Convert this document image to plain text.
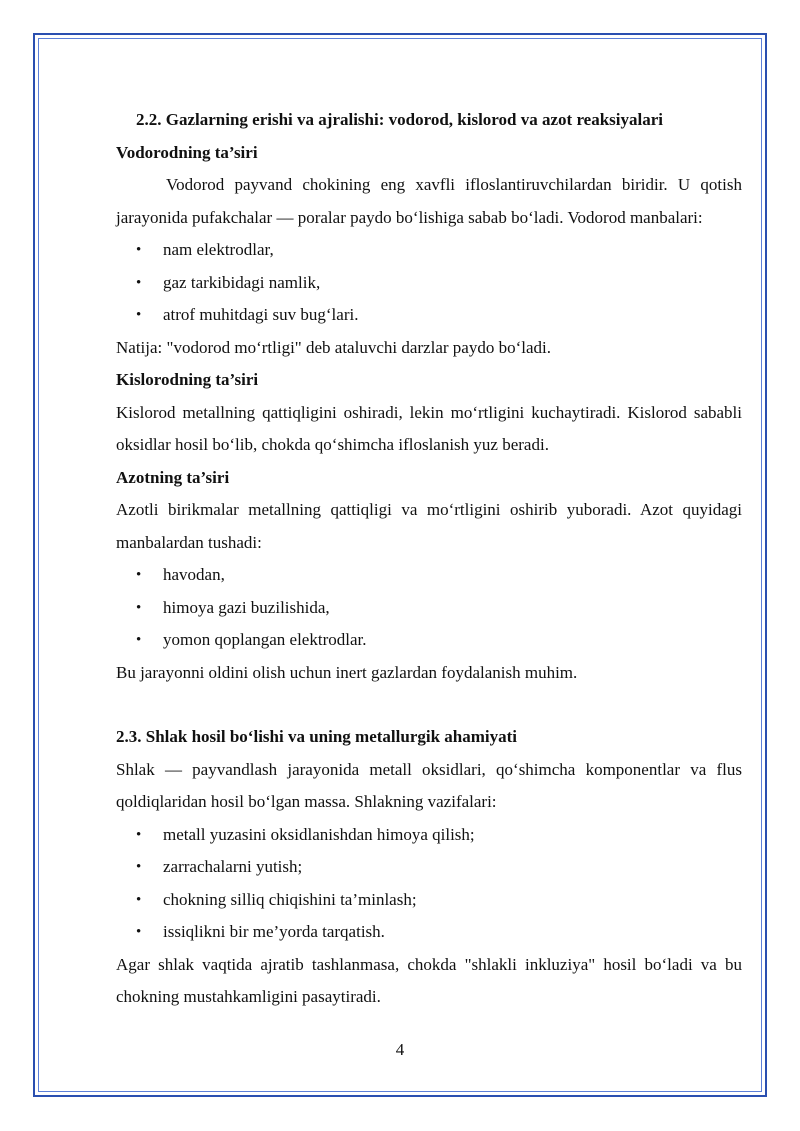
2.2. Gazlarning erishi va ajralishi: vodorod, kislorod va azot reaksiyalari

Vodorodning ta’siri

Vodorod payvand chokining eng xavfli ifloslantiruvchilardan biridir. U qotish jarayonida pufakchalar — poralar paydo bo‘lishiga sabab bo‘ladi. Vodorod manbalari:

• nam elektrodlar,
• gaz tarkibidagi namlik,
• atrof muhitdagi suv bug‘lari.

Natija: "vodorod mo‘rtligi" deb ataluvchi darzlar paydo bo‘ladi.

Kislorodning ta’siri

Kislorod metallning qattiqligini oshiradi, lekin mo‘rtligini kuchaytiradi. Kislorod sababli oksidlar hosil bo‘lib, chokda qo‘shimcha ifloslanish yuz beradi.

Azotning ta’siri

Azotli birikmalar metallning qattiqligi va mo‘rtligini oshirib yuboradi. Azot quyidagi manbalardan tushadi:

• havodan,
• himoya gazi buzilishida,
• yomon qoplangan elektrodlar.

Bu jarayonni oldini olish uchun inert gazlardan foydalanish muhim.

2.3. Shlak hosil bo‘lishi va uning metallurgik ahamiyati

Shlak — payvandlash jarayonida metall oksidlari, qo‘shimcha komponentlar va flus qoldiqlaridan hosil bo‘lgan massa. Shlakning vazifalari:

• metall yuzasini oksidlanishdan himoya qilish;
• zarrachalarni yutish;
• chokning silliq chiqishini ta’minlash;
• issiqlikni bir me’yorda tarqatish.

Agar shlak vaqtida ajratib tashlanmasa, chokda "shlakli inkluziya" hosil bo‘ladi va bu chokning mustahkamligini pasaytiradi.

4
